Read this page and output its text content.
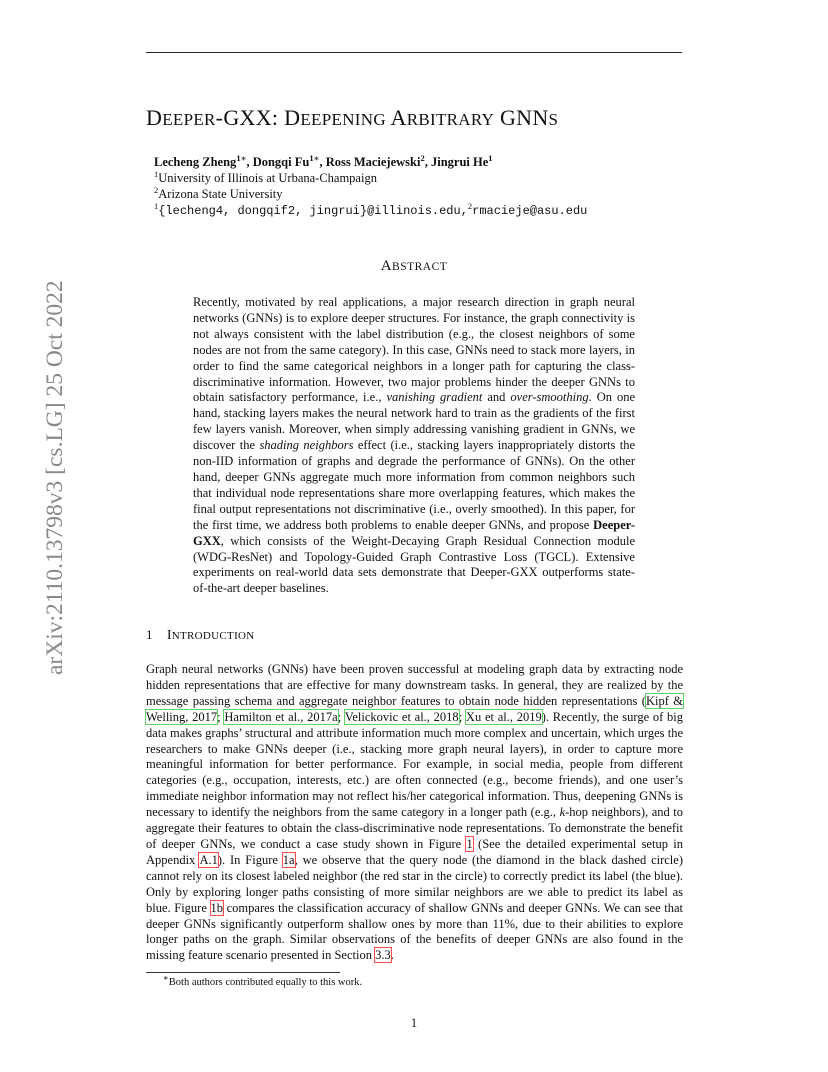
DEEPER-GXX: DEEPENING ARBITRARY GNNS
Lecheng Zheng$^{1∗}$, Dongqi $Fu^{1∗}$, Ross Maciejewski$^2$, Jingrui He$^1$
$^1$University of Illinois at Urbana-Champaign
$^2$Arizona State University
$^1${lecheng4, dongqif2, jingrui}@illinois.edu,$^2$rmacieje@asu.edu
ABSTRACT
Recently, motivated by real applications, a major research direction in graph neural networks (GNNs) is to explore deeper structures. For instance, the graph connectivity is not always consistent with the label distribution (e.g., the closest neighbors of some nodes are not from the same category). In this case, GNNs need to stack more layers, in order to find the same categorical neighbors in a longer path for capturing the class-discriminative information. However, two major problems hinder the deeper GNNs to obtain satisfactory performance, i.e., vanishing gradient and over-smoothing. On one hand, stacking layers makes the neural network hard to train as the gradients of the first few layers vanish. Moreover, when simply addressing vanishing gradient in GNNs, we discover the shading neighbors effect (i.e., stacking layers inappropriately distorts the non-IID information of graphs and degrade the performance of GNNs). On the other hand, deeper GNNs aggregate much more information from common neighbors such that individual node representations share more overlapping features, which makes the final output representations not discriminative (i.e., overly smoothed). In this paper, for the first time, we address both problems to enable deeper GNNs, and propose Deeper-GXX, which consists of the Weight-Decaying Graph Residual Connection module (WDG-ResNet) and Topology-Guided Graph Contrastive Loss (TGCL). Extensive experiments on real-world data sets demonstrate that Deeper-GXX outperforms state-of-the-art deeper baselines.
1 INTRODUCTION
Graph neural networks (GNNs) have been proven successful at modeling graph data by extracting node hidden representations that are effective for many downstream tasks. In general, they are realized by the message passing schema and aggregate neighbor features to obtain node hidden representations (Kipf & Welling, 2017; Hamilton et al., 2017a; Velickovic et al., 2018; Xu et al., 2019). Recently, the surge of big data makes graphs’ structural and attribute information much more complex and uncertain, which urges the researchers to make GNNs deeper (i.e., stacking more graph neural layers), in order to capture more meaningful information for better performance. For example, in social media, people from different categories (e.g., occupation, interests, etc.) are often connected (e.g., become friends), and one user’s immediate neighbor information may not reflect his/her categorical information. Thus, deepening GNNs is necessary to identify the neighbors from the same category in a longer path (e.g., k-hop neighbors), and to aggregate their features to obtain the class-discriminative node representations. To demonstrate the benefit of deeper GNNs, we conduct a case study shown in Figure 1 (See the detailed experimental setup in Appendix A.1). In Figure 1a, we observe that the query node (the diamond in the black dashed circle) cannot rely on its closest labeled neighbor (the red star in the circle) to correctly predict its label (the blue). Only by exploring longer paths consisting of more similar neighbors are we able to predict its label as blue. Figure 1b compares the classification accuracy of shallow GNNs and deeper GNNs. We can see that deeper GNNs significantly outperform shallow ones by more than 11%, due to their abilities to explore longer paths on the graph. Similar observations of the benefits of deeper GNNs are also found in the missing feature scenario presented in Section 3.3.
∗Both authors contributed equally to this work.
1
arXiv:2110.13798v3 [cs.LG] 25 Oct 2022
